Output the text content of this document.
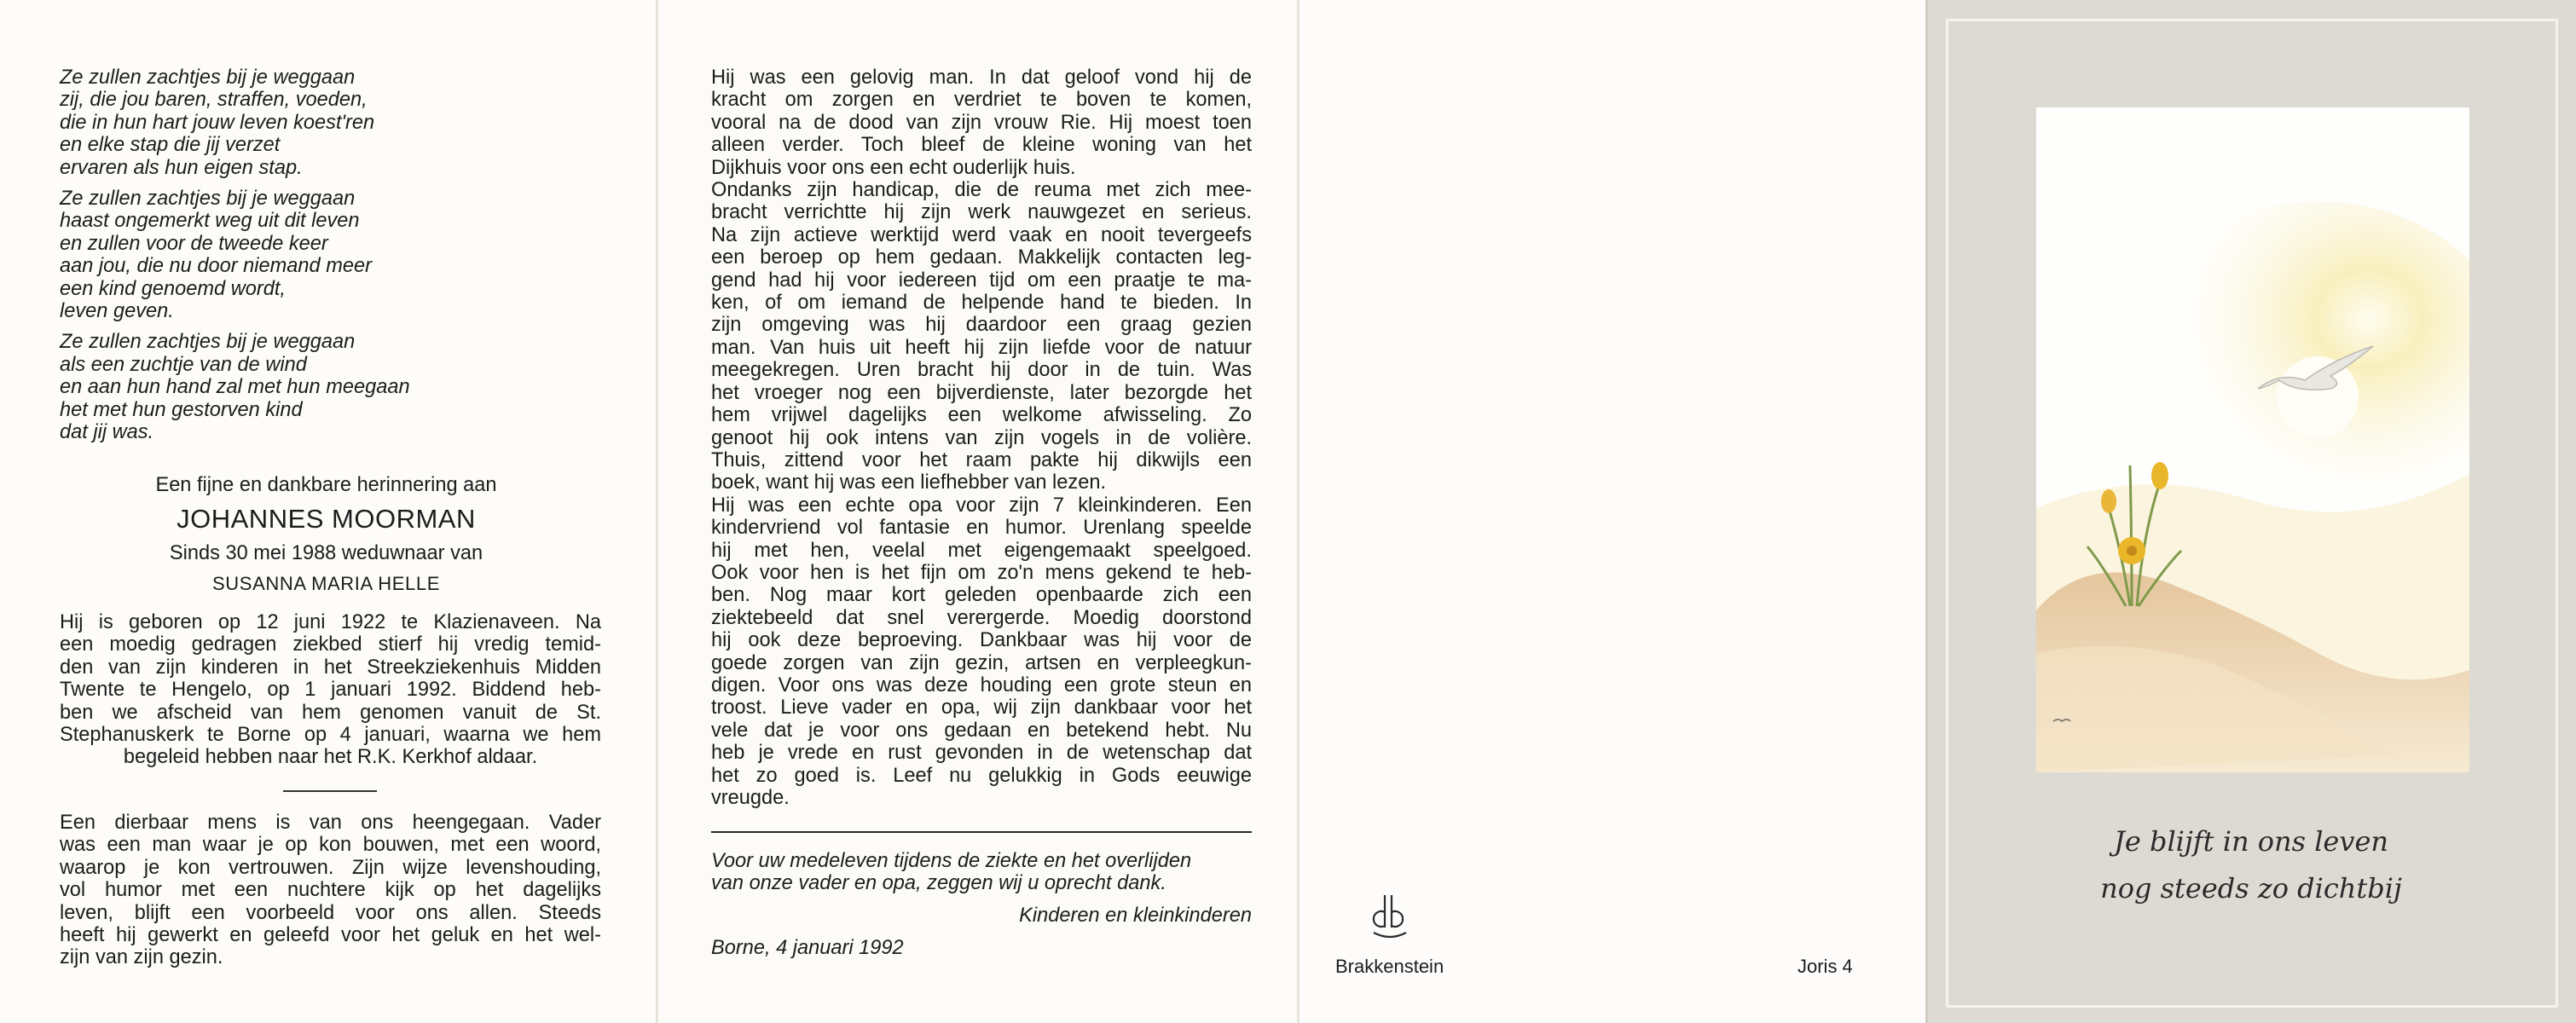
Ze zullen zachtjes bij je weggaan
zij, die jou baren, straffen, voeden,
die in hun hart jouw leven koest'ren
en elke stap die jij verzet
ervaren als hun eigen stap.
Ze zullen zachtjes bij je weggaan
haast ongemerkt weg uit dit leven
en zullen voor de tweede keer
aan jou, die nu door niemand meer
een kind genoemd wordt,
leven geven.
Ze zullen zachtjes bij je weggaan
als een zuchtje van de wind
en aan hun hand zal met hun meegaan
het met hun gestorven kind
dat jij was.
Een fijne en dankbare herinnering aan
JOHANNES MOORMAN
Sinds 30 mei 1988 weduwnaar van
SUSANNA MARIA HELLE
Hij is geboren op 12 juni 1922 te Klazienaveen. Na
een moedig gedragen ziekbed stierf hij vredig temid-
den van zijn kinderen in het Streekziekenhuis Midden
Twente te Hengelo, op 1 januari 1992. Biddend heb-
ben we afscheid van hem genomen vanuit de St.
Stephanuskerk te Borne op 4 januari, waarna we hem
begeleid hebben naar het R.K. Kerkhof aldaar.
Een dierbaar mens is van ons heengegaan. Vader
was een man waar je op kon bouwen, met een woord,
waarop je kon vertrouwen. Zijn wijze levenshouding,
vol humor met een nuchtere kijk op het dagelijks
leven, blijft een voorbeeld voor ons allen. Steeds
heeft hij gewerkt en geleefd voor het geluk en het wel-
zijn van zijn gezin.
Hij was een gelovig man. In dat geloof vond hij de
kracht om zorgen en verdriet te boven te komen,
vooral na de dood van zijn vrouw Rie. Hij moest toen
alleen verder. Toch bleef de kleine woning van het
Dijkhuis voor ons een echt ouderlijk huis.
Ondanks zijn handicap, die de reuma met zich mee-
bracht verrichtte hij zijn werk nauwgezet en serieus.
Na zijn actieve werktijd werd vaak en nooit tevergeefs
een beroep op hem gedaan. Makkelijk contacten leg-
gend had hij voor iedereen tijd om een praatje te ma-
ken, of om iemand de helpende hand te bieden. In
zijn omgeving was hij daardoor een graag gezien
man. Van huis uit heeft hij zijn liefde voor de natuur
meegekregen. Uren bracht hij door in de tuin. Was
het vroeger nog een bijverdienste, later bezorgde het
hem vrijwel dagelijks een welkome afwisseling. Zo
genoot hij ook intens van zijn vogels in de volière.
Thuis, zittend voor het raam pakte hij dikwijls een
boek, want hij was een liefhebber van lezen.
Hij was een echte opa voor zijn 7 kleinkinderen. Een
kindervriend vol fantasie en humor. Urenlang speelde
hij met hen, veelal met eigengemaakt speelgoed.
Ook voor hen is het fijn om zo'n mens gekend te heb-
ben. Nog maar kort geleden openbaarde zich een
ziektebeeld dat snel verergerde. Moedig doorstond
hij ook deze beproeving. Dankbaar was hij voor de
goede zorgen van zijn gezin, artsen en verpleegkun-
digen. Voor ons was deze houding een grote steun en
troost. Lieve vader en opa, wij zijn dankbaar voor het
vele dat je voor ons gedaan en betekend hebt. Nu
heb je vrede en rust gevonden in de wetenschap dat
het zo goed is. Leef nu gelukkig in Gods eeuwige
vreugde.
Voor uw medeleven tijdens de ziekte en het overlijden
van onze vader en opa, zeggen wij u oprecht dank.
Kinderen en kleinkinderen
Borne, 4 januari 1992
Brakkenstein	Joris 4
Je blijft in ons leven
nog steeds zo dichtbij
